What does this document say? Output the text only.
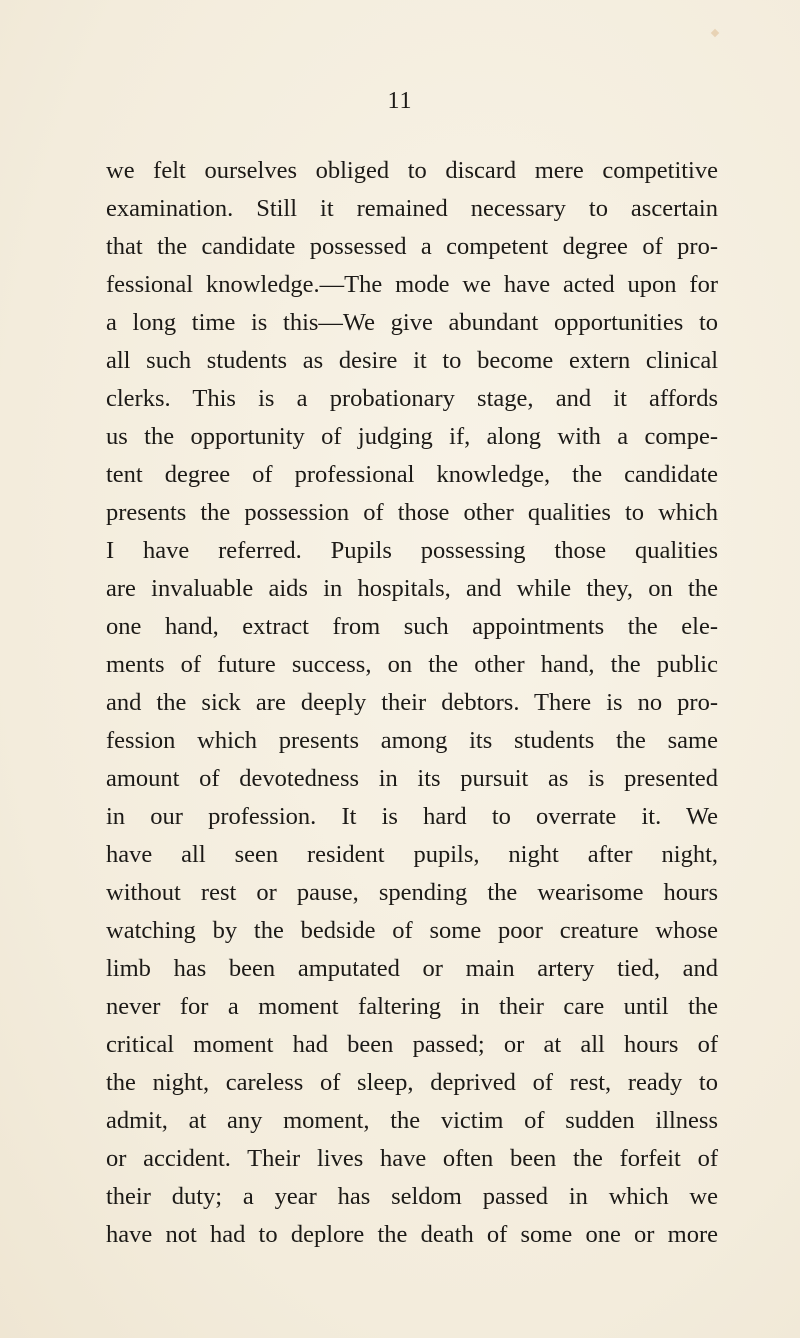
11
we felt ourselves obliged to discard mere competitive
examination. Still it remained necessary to ascertain
that the candidate possessed a competent degree of pro-
fessional knowledge.—The mode we have acted upon for
a long time is this—We give abundant opportunities to
all such students as desire it to become extern clinical
clerks. This is a probationary stage, and it affords
us the opportunity of judging if, along with a compe-
tent degree of professional knowledge, the candidate
presents the possession of those other qualities to which
I have referred. Pupils possessing those qualities
are invaluable aids in hospitals, and while they, on the
one hand, extract from such appointments the ele-
ments of future success, on the other hand, the public
and the sick are deeply their debtors. There is no pro-
fession which presents among its students the same
amount of devotedness in its pursuit as is presented
in our profession. It is hard to overrate it. We
have all seen resident pupils, night after night,
without rest or pause, spending the wearisome hours
watching by the bedside of some poor creature whose
limb has been amputated or main artery tied, and
never for a moment faltering in their care until the
critical moment had been passed; or at all hours of
the night, careless of sleep, deprived of rest, ready to
admit, at any moment, the victim of sudden illness
or accident. Their lives have often been the forfeit of
their duty; a year has seldom passed in which we
have not had to deplore the death of some one or more
